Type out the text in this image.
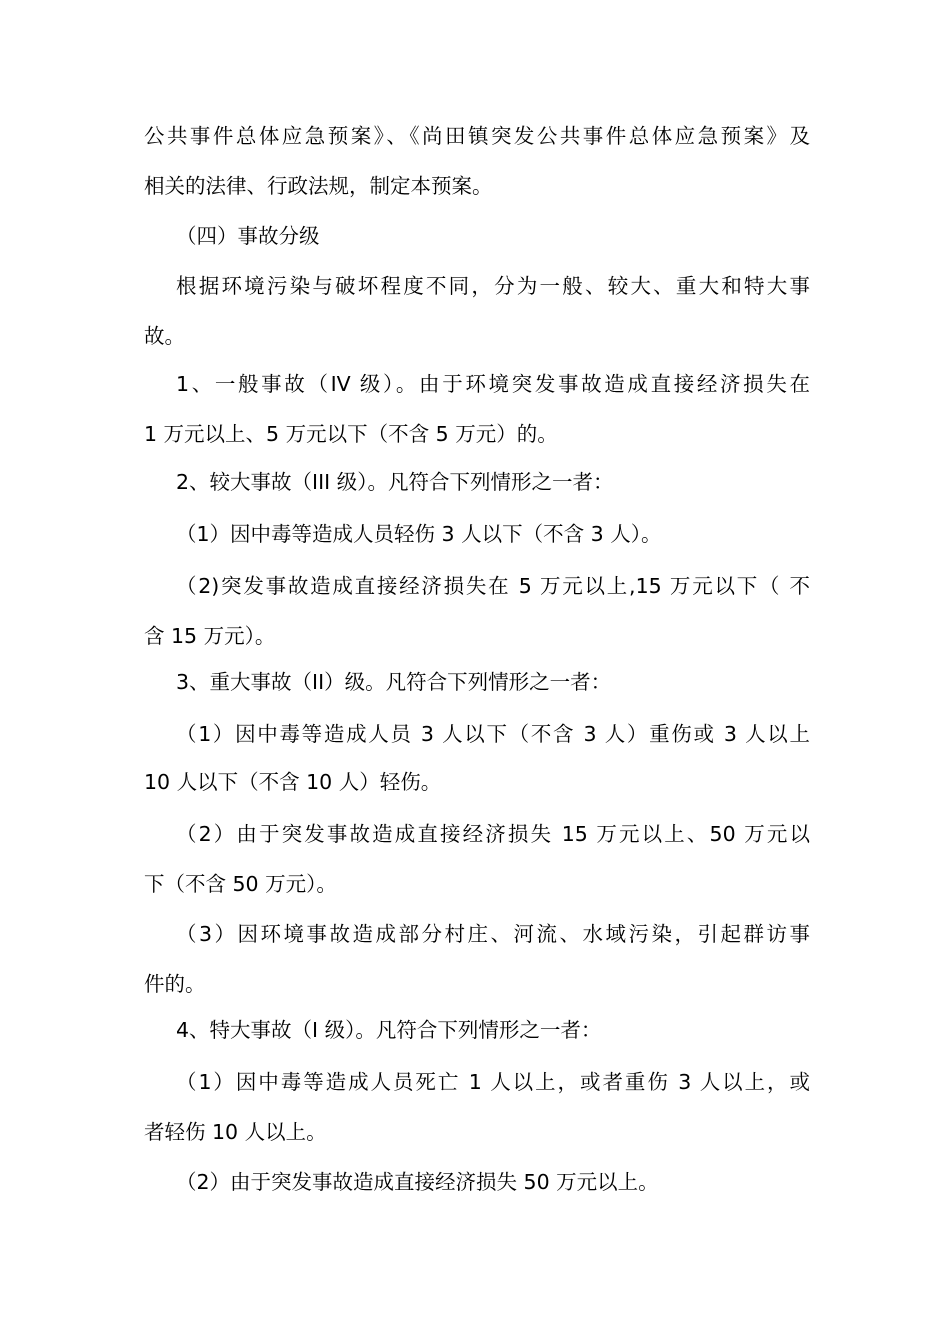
公共事件总体应急预案》、《尚田镇突发公共事件总体应急预案》及

相关的法律、行政法规，制定本预案。

（四）事故分级

根据环境污染与破坏程度不同，分为一般、较大、重大和特大事

故。

1、一般事故（IV 级）。由于环境突发事故造成直接经济损失在

1 万元以上、5 万元以下（不含 5 万元）的。

2、较大事故（III 级）。凡符合下列情形之一者：

（1）因中毒等造成人员轻伤 3 人以下（不含 3 人）。

（2)突发事故造成直接经济损失在 5 万元以上,15 万元以下（ 不

含 15 万元）。

3、重大事故（II）级。凡符合下列情形之一者：

（1）因中毒等造成人员 3 人以下（不含 3 人）重伤或 3 人以上

10 人以下（不含 10 人）轻伤。

（2）由于突发事故造成直接经济损失 15 万元以上、50 万元以

下（不含 50 万元）。

（3）因环境事故造成部分村庄、河流、水域污染，引起群访事

件的。

4、特大事故（I 级）。凡符合下列情形之一者：

（1）因中毒等造成人员死亡 1 人以上，或者重伤 3 人以上，或

者轻伤 10 人以上。

（2）由于突发事故造成直接经济损失 50 万元以上。
